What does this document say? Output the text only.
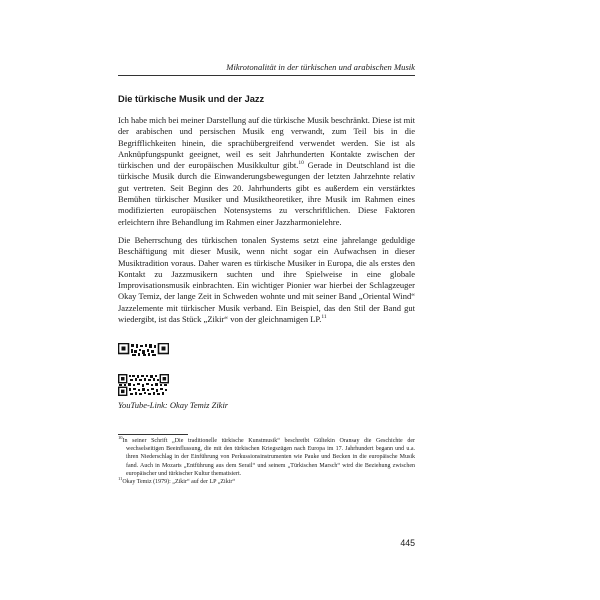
Mikrotonalität in der türkischen und arabischen Musik
Die türkische Musik und der Jazz

Ich habe mich bei meiner Darstellung auf die türkische Musik beschränkt. Diese ist mit der arabischen und persischen Musik eng verwandt, zum Teil bis in die Begrifflichkeiten hinein, die sprachübergreifend verwendet werden. Sie ist als Anknüpfungspunkt geeignet, weil es seit Jahrhunderten Kontakte zwischen der türkischen und der europäischen Musikkultur gibt.$^{10}$ Gerade in Deutschland ist die türkische Musik durch die Einwanderungsbewegungen der letzten Jahrzehnte relativ gut vertreten. Seit Beginn des 20. Jahrhunderts gibt es außerdem ein verstärktes Bemühen türkischer Musiker und Musiktheoretiker, ihre Musik im Rahmen eines modifizierten europäischen Notensystems zu verschriftlichen. Diese Faktoren erleichtern ihre Behandlung im Rahmen einer Jazzharmonielehre.

Die Beherrschung des türkischen tonalen Systems setzt eine jahrelange geduldige Beschäftigung mit dieser Musik, wenn nicht sogar ein Aufwachsen in dieser Musiktradition voraus. Daher waren es türkische Musiker in Europa, die als erstes den Kontakt zu Jazzmusikern suchten und ihre Spielweise in eine globale Improvisationsmusik einbrachten. Ein wichtiger Pionier war hierbei der Schlagzeuger Okay Temiz, der lange Zeit in Schweden wohnte und mit seiner Band „Oriental Wind“ Jazzelemente mit türkischer Musik verband. Ein Beispiel, das den Stil der Band gut wiedergibt, ist das Stück „Zikir“ von der gleichnamigen LP.$^{11}$

YouTube-Link: Okay Temiz Zikir

$^{10}$In seiner Schrift „Die traditionelle türkische Kunstmusik“ beschreibt Gültekin Oransay die Geschichte der wechselseitigen Beeinflussung, die mit den türkischen Kriegszügen nach Europa im 17. Jahrhundert begann und u.a. ihren Niederschlag in der Einführung von Perkussionsinstrumenten wie Pauke und Becken in die europäische Musik fand. Auch in Mozarts „Entführung aus dem Serail“ und seinem „Türkischen Marsch“ wird die Beziehung zwischen europäischer und türkischer Kultur thematisiert.

$^{11}$Okay Temiz (1979): „Zikir“ auf der LP „Zikir“

445
